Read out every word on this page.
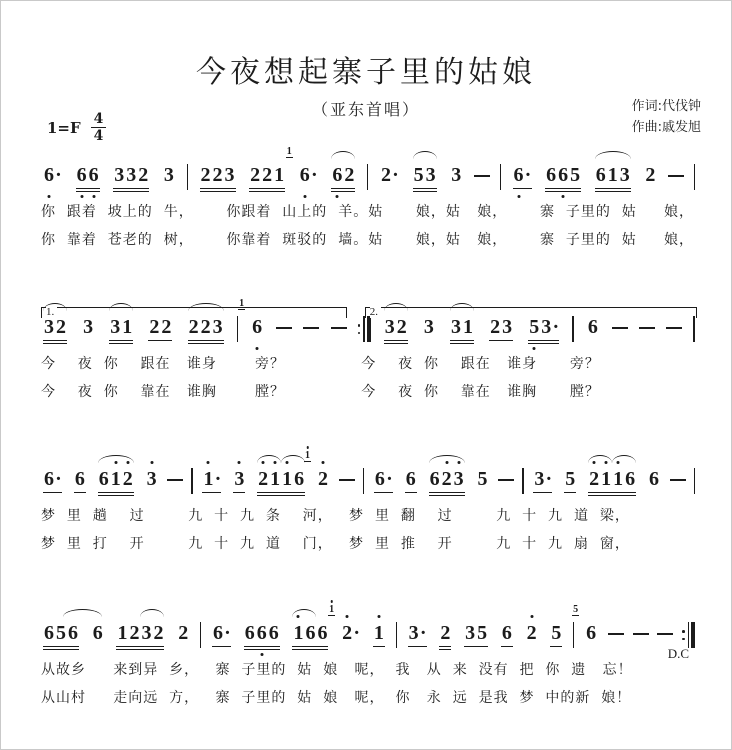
今夜想起寨子里的姑娘
（亚东首唱）	作词:代伐钟
作曲:戚发旭
$1=F \frac{4}{4}$
6 · 6 6 3 3 2 3 2 2 3 2 2 1
1
6 · 6 2 2 · 5 3 3	6 · 6 6 5 6 1 3 2
你  跟着  坡上的  牛，      你跟着  山上的  羊。姑      娘，姑   娘，      寨  子里的  姑     娘，
你  靠着  苍老的  树，      你靠着  斑驳的  墙。姑      娘，姑   娘，      寨  子里的  姑     娘，
1.	2.
3 2 3 3 1 2 2 2 2 3
1
6	3 2 3 3 1 2 3 5 3 · 6
今    夜  你    跟在   谁身       旁？              今    夜  你    跟在   谁身      旁？
今    夜  你    靠在   谁胸       膛？              今    夜  你    靠在   谁胸      膛？
6 · 6 6 1 2 3 1 · 3 2 1 1 6
1
2 6 · 6 6 2 3 5 3 · 5 2 1 1 6 6
梦  里  趟    过        九  十  九  条    河，   梦  里  翻    过        九  十  九  道  梁，
梦  里  打    开        九  十  九  道    门，   梦  里  推    开        九  十  九  扇  窗，
6 5 6 6 1 2 3 2 2 6 · 6 6 6 1 6 6
1
2 · 1 3 · 2 3 5 6 2 5
5
6
从故乡     来到异  乡，   寨  子里的  姑  娘   呢，  我   从  来  没有  把  你  遗   忘！
从山村     走向远  方，   寨  子里的  姑  娘   呢，  你   永  远  是我  梦  中的新  娘！
D.C
